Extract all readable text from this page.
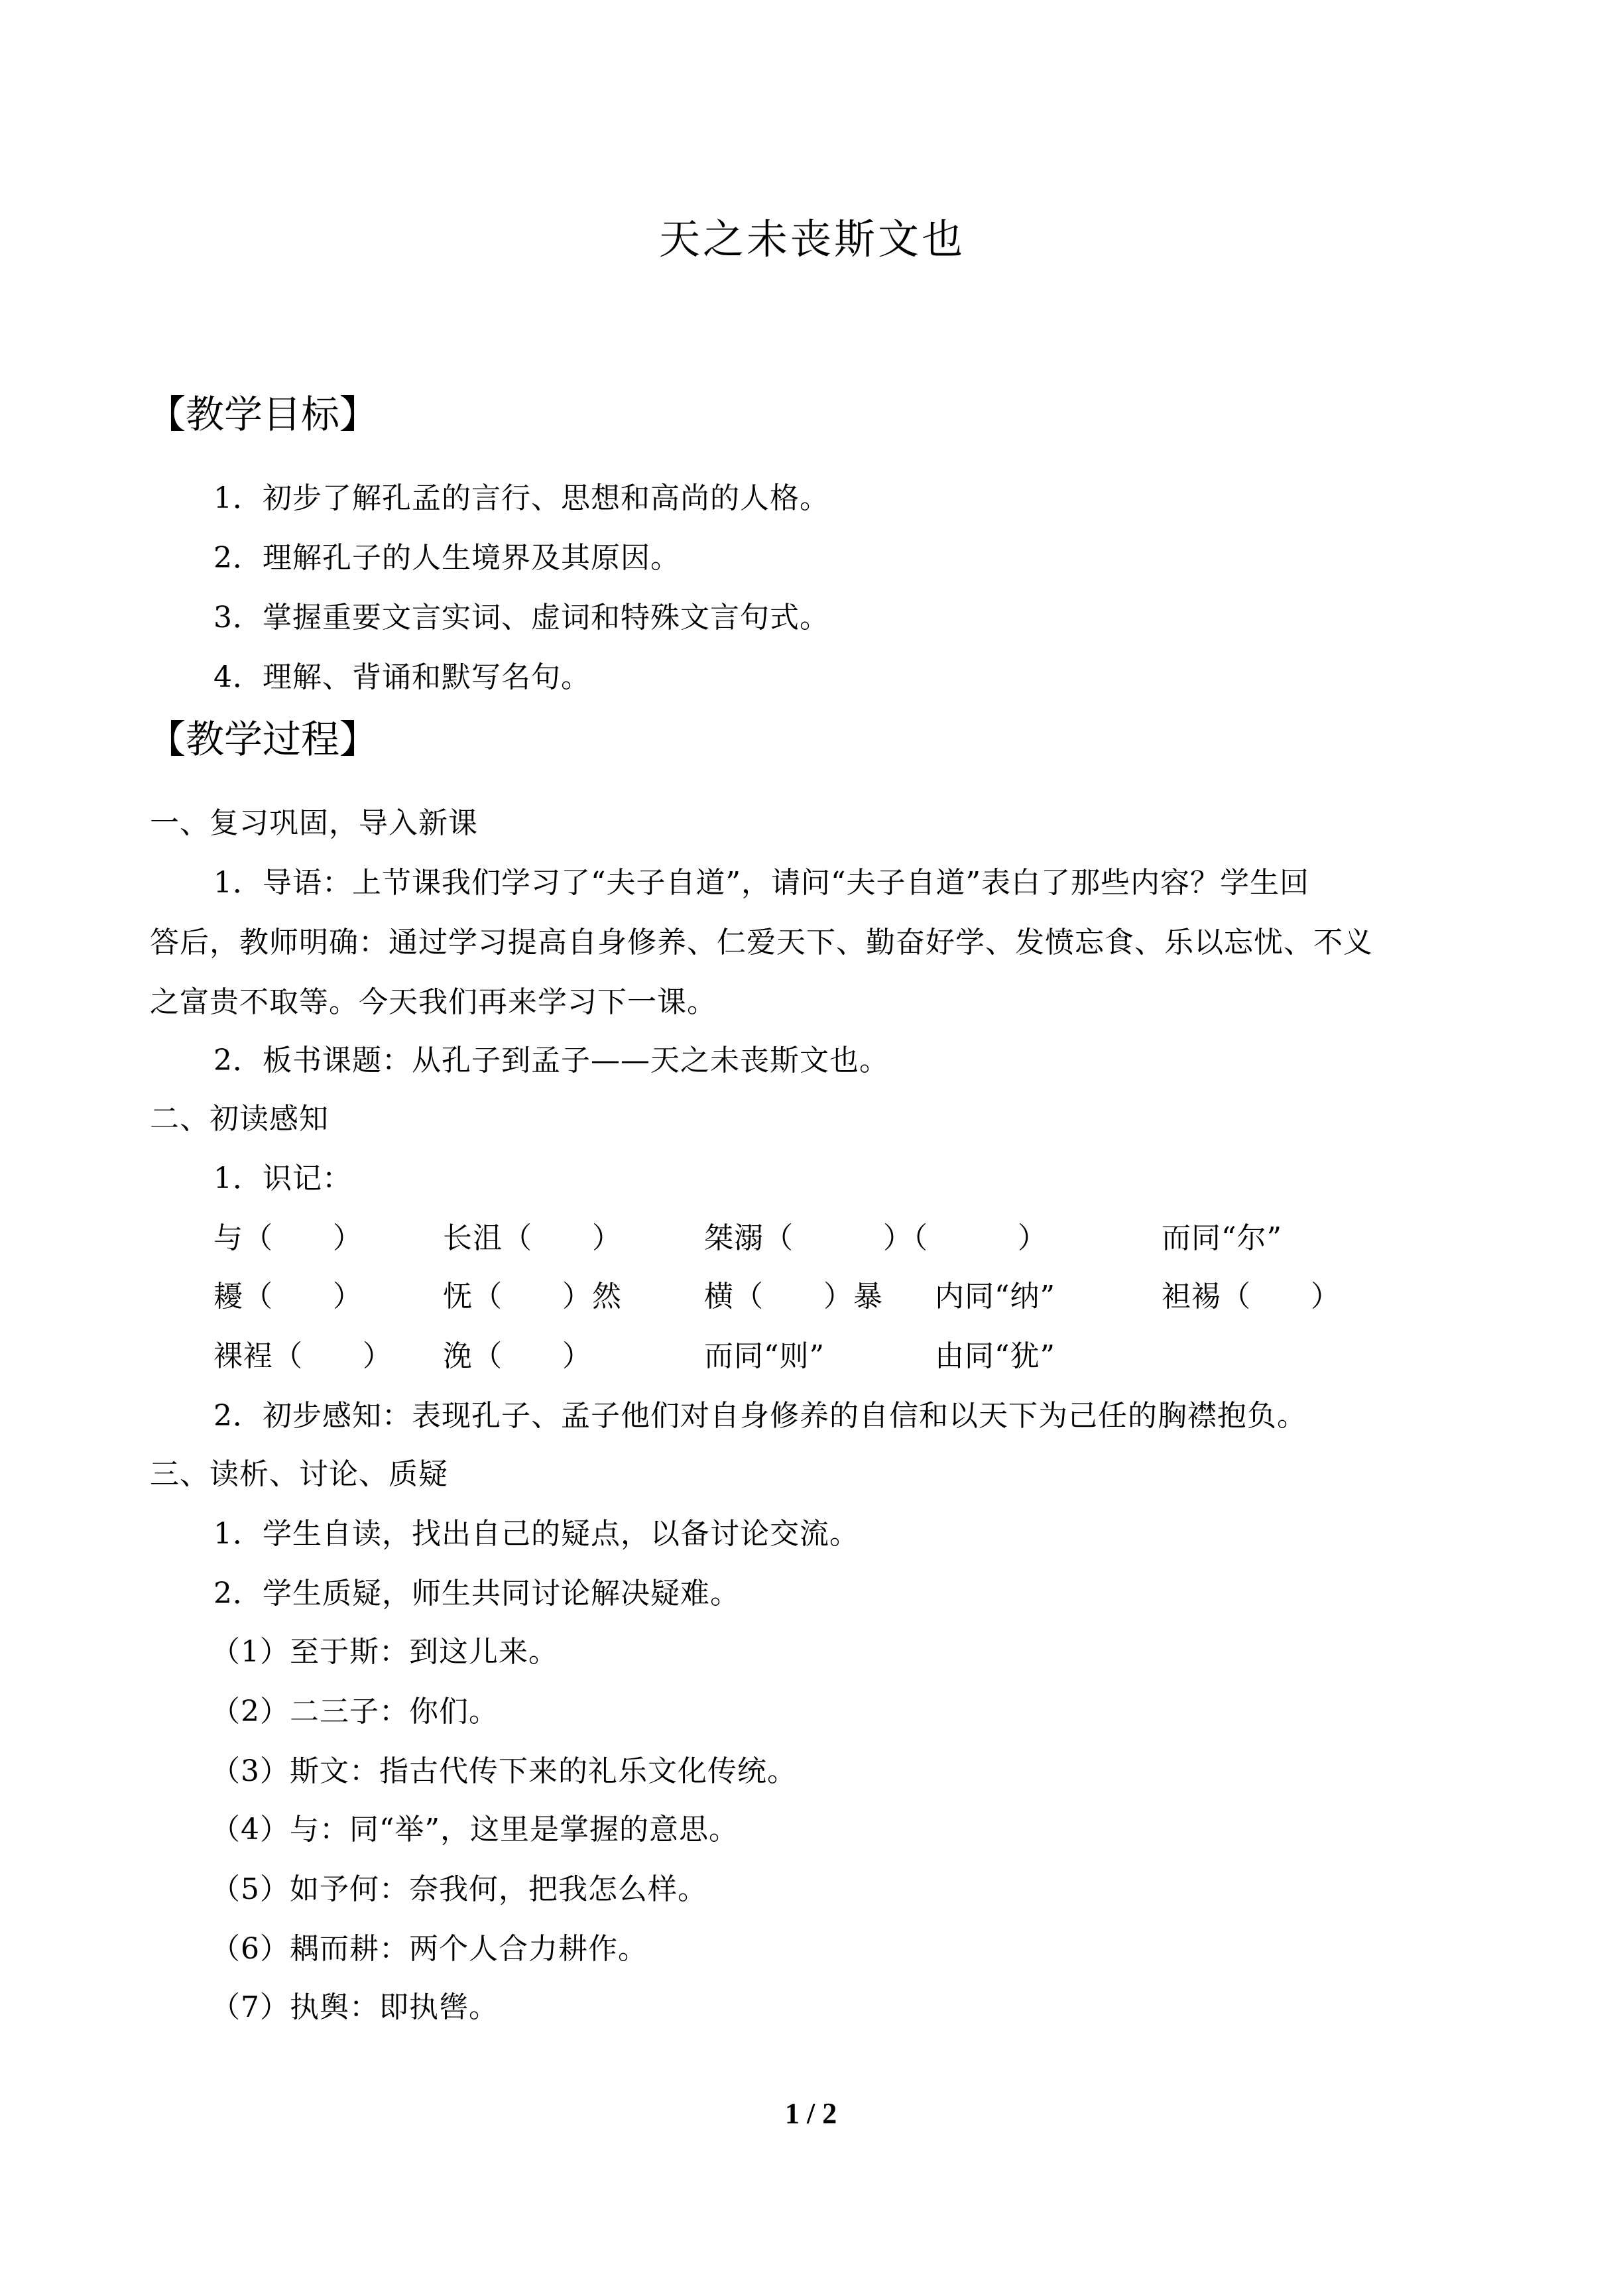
天之未丧斯文也
【教学目标】
1．初步了解孔孟的言行、思想和高尚的人格。
2．理解孔子的人生境界及其原因。
3．掌握重要文言实词、虚词和特殊文言句式。
4．理解、背诵和默写名句。
【教学过程】
一、复习巩固，导入新课
1．导语：上节课我们学习了“夫子自道”，请问“夫子自道”表白了那些内容？学生回
答后，教师明确：通过学习提高自身修养、仁爱天下、勤奋好学、发愤忘食、乐以忘忧、不义
之富贵不取等。今天我们再来学习下一课。
2．板书课题：从孔子到孟子——天之未丧斯文也。
二、初读感知
1．识记：
与（　　）	长沮（　　）	桀溺（　　　）（　　　）	而同“尔”
耰（　　）	怃（　　）然	横（　　）暴 内同“纳”	袒裼（　　）
裸裎（　　） 浼（　　）	而同“则”	由同“犹”
2．初步感知：表现孔子、孟子他们对自身修养的自信和以天下为己任的胸襟抱负。
三、读析、讨论、质疑
1．学生自读，找出自己的疑点，以备讨论交流。
2．学生质疑，师生共同讨论解决疑难。
（1）至于斯：到这儿来。
（2）二三子：你们。
（3）斯文：指古代传下来的礼乐文化传统。
（4）与：同“举”，这里是掌握的意思。
（5）如予何：奈我何，把我怎么样。
（6）耦而耕：两个人合力耕作。
（7）执舆：即执辔。
1 / 2
